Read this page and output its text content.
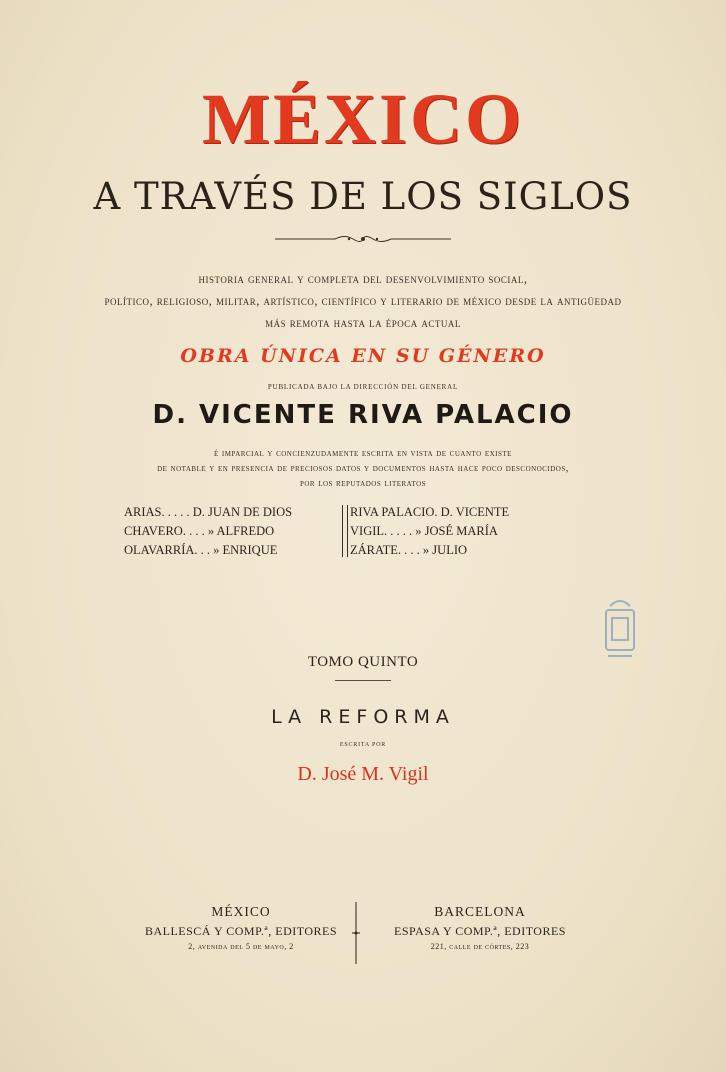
MÉXICO
A TRAVÉS DE LOS SIGLOS
historia general y completa del desenvolvimiento social,
político, religioso, militar, artístico, científico y literario de méxico desde la antigüedad
más remota hasta la época actual
OBRA ÚNICA EN SU GÉNERO
PUBLICADA BAJO LA DIRECCIÓN DEL GENERAL
D. VICENTE RIVA PALACIO
é imparcial y concienzudamente escrita en vista de cuanto existe
de notable y en presencia de preciosos datos y documentos hasta hace poco desconocidos,
por los reputados literatos
ARIAS. . . . . D. JUAN DE DIOS
CHAVERO. . . . » ALFREDO
OLAVARRÍA. . . » ENRIQUE
RIVA PALACIO. D. VICENTE
VIGIL. . . . . » JOSÉ MARÍA
ZÁRATE. . . . » JULIO
TOMO QUINTO
LA REFORMA
ESCRITA POR
D. José M. Vigil
MÉXICO
BALLESCÁ Y COMP.ª, EDITORES
2, avenida del 5 de mayo, 2
BARCELONA
ESPASA Y COMP.ª, EDITORES
221, calle de córtes, 223
